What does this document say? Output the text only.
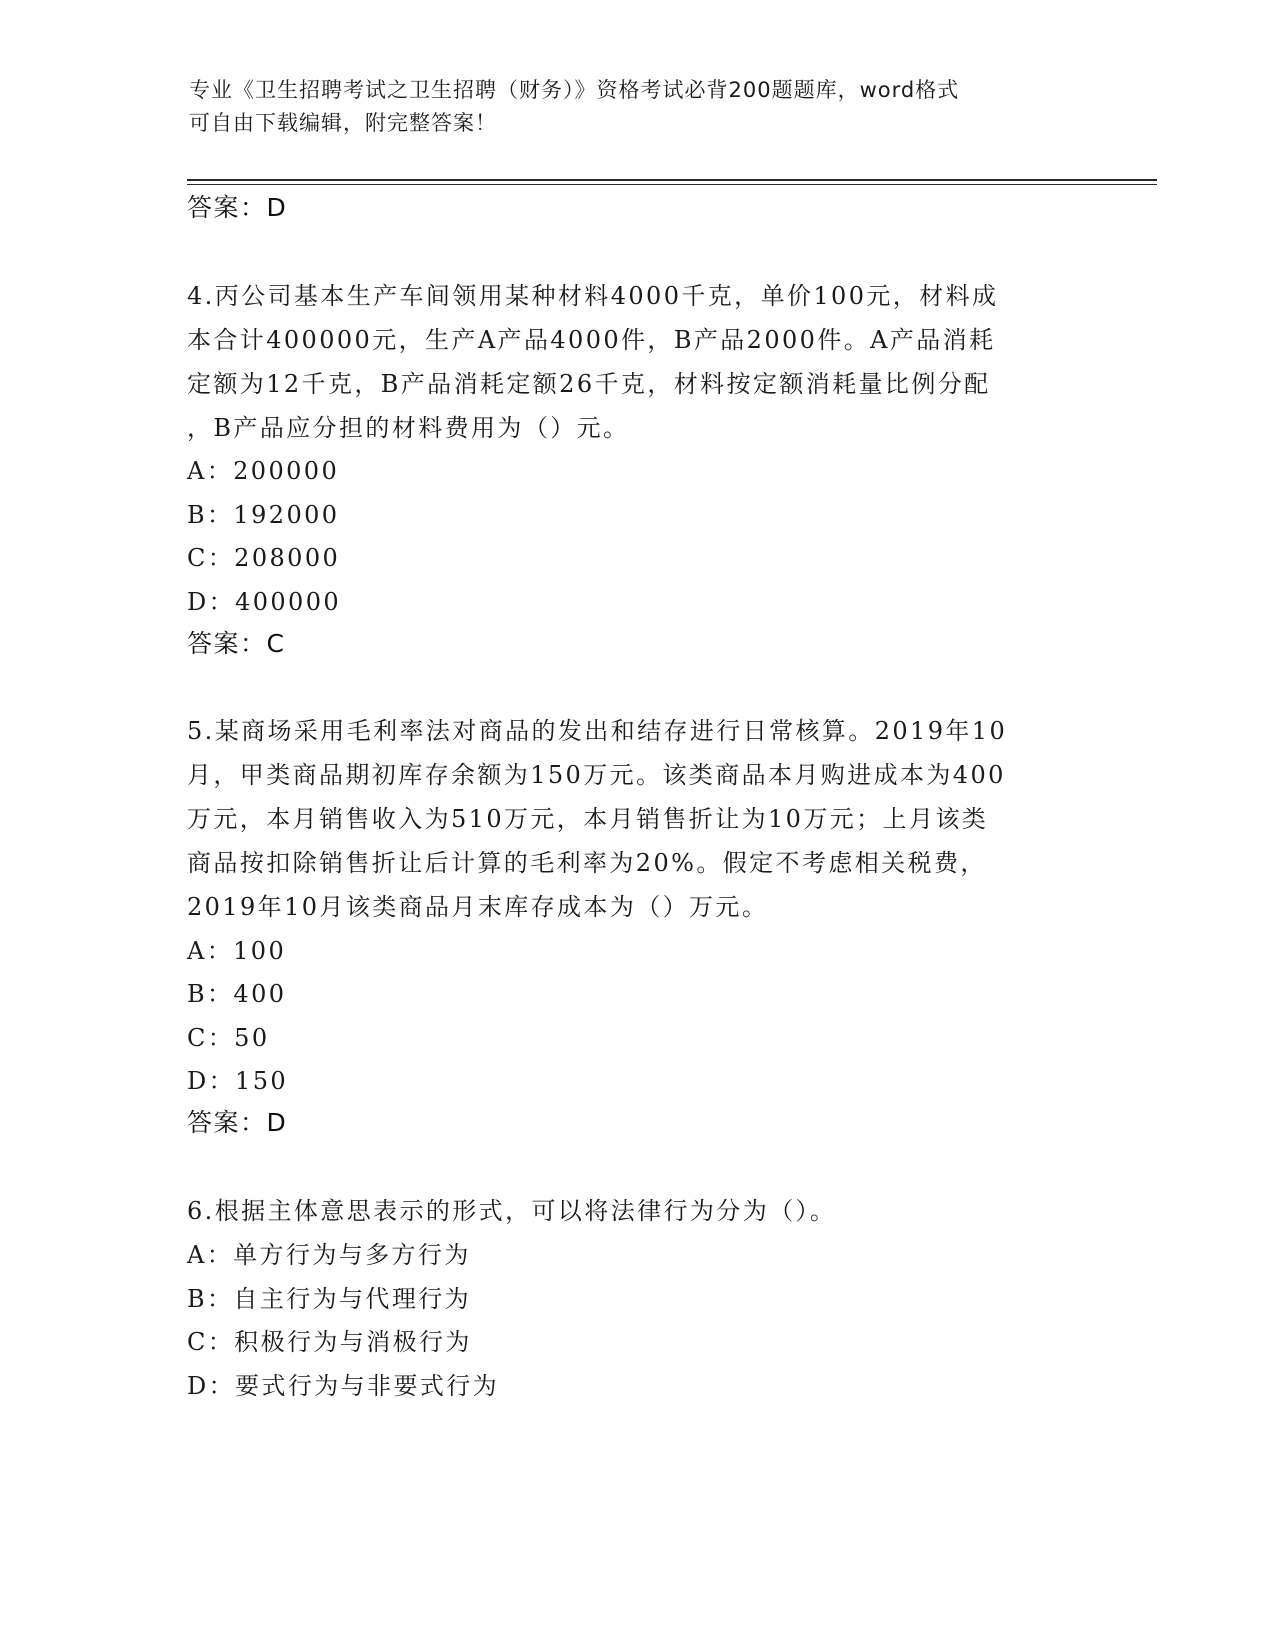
专业《卫生招聘考试之卫生招聘（财务）》资格考试必背200题题库，word格式
可自由下载编辑，附完整答案！
答案：D
4.丙公司基本生产车间领用某种材料4000千克，单价100元，材料成
本合计400000元，生产A产品4000件，B产品2000件。A产品消耗
定额为12千克，B产品消耗定额26千克，材料按定额消耗量比例分配
，B产品应分担的材料费用为（）元。
A：200000
B：192000
C：208000
D：400000
答案：C
5.某商场采用毛利率法对商品的发出和结存进行日常核算。2019年10
月，甲类商品期初库存余额为150万元。该类商品本月购进成本为400
万元，本月销售收入为510万元，本月销售折让为10万元；上月该类
商品按扣除销售折让后计算的毛利率为20%。假定不考虑相关税费，
2019年10月该类商品月末库存成本为（）万元。
A：100
B：400
C：50
D：150
答案：D
6.根据主体意思表示的形式，可以将法律行为分为（）。
A：单方行为与多方行为
B：自主行为与代理行为
C：积极行为与消极行为
D：要式行为与非要式行为
